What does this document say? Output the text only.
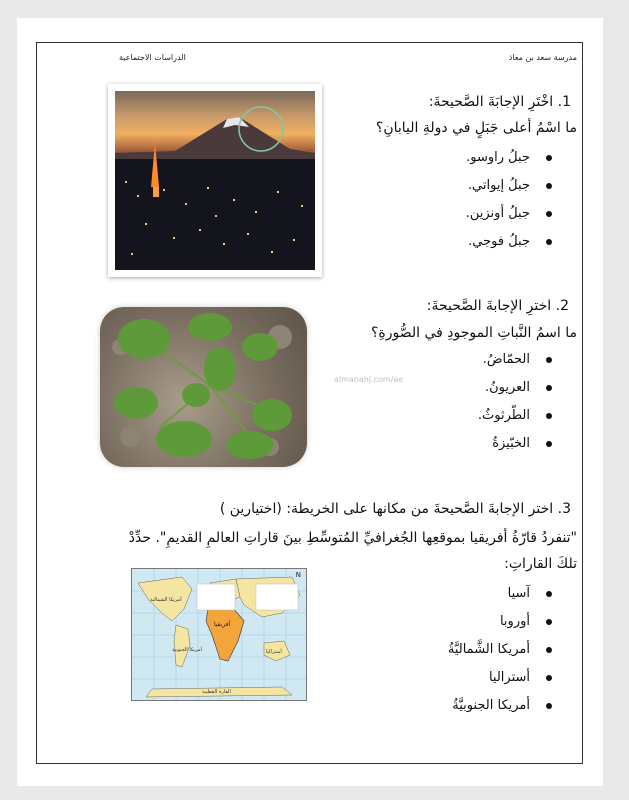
مدرسة سعد بن معاذ
الدراسات الاجتماعية
1. اخْتَرِ الإجابَةَ الصَّحيحةَ:
ما اسْمُ أعلى جَبَلٍ في دولةِ اليابانِ؟
جبلُ راوسو.
جبلُ إيواتي.
جبلُ أونزين.
جبلُ فوجي.
2. اخترِ الإجابةَ الصَّحيحةَ:
ما اسمُ النَّباتِ الموجودِ في الصُّورةِ؟
الحمّاضُ.
العريونُ.
الطّرثوثُ.
الخبّيزةُ
almanahj.com/ae
3. اختر الإجابةَ الصَّحيحةَ من مكانها على الخريطة: (اختيارين )
"تنفردُ قارّةُ أفريقيا بموقعِها الجُغرافيِّ المُتوسِّطِ بينَ قاراتِ العالمِ القديمِ". حدِّدْ
تلكَ القاراتِ:
آسيا
أوروبا
أمريكا الشَّماليَّةُ
أستراليا
أمريكا الجنوبيَّةُ
أمريكا الشمالية
أفريقيا
أمريكا الجنوبية	أستراليا
القارة القطبية
N
